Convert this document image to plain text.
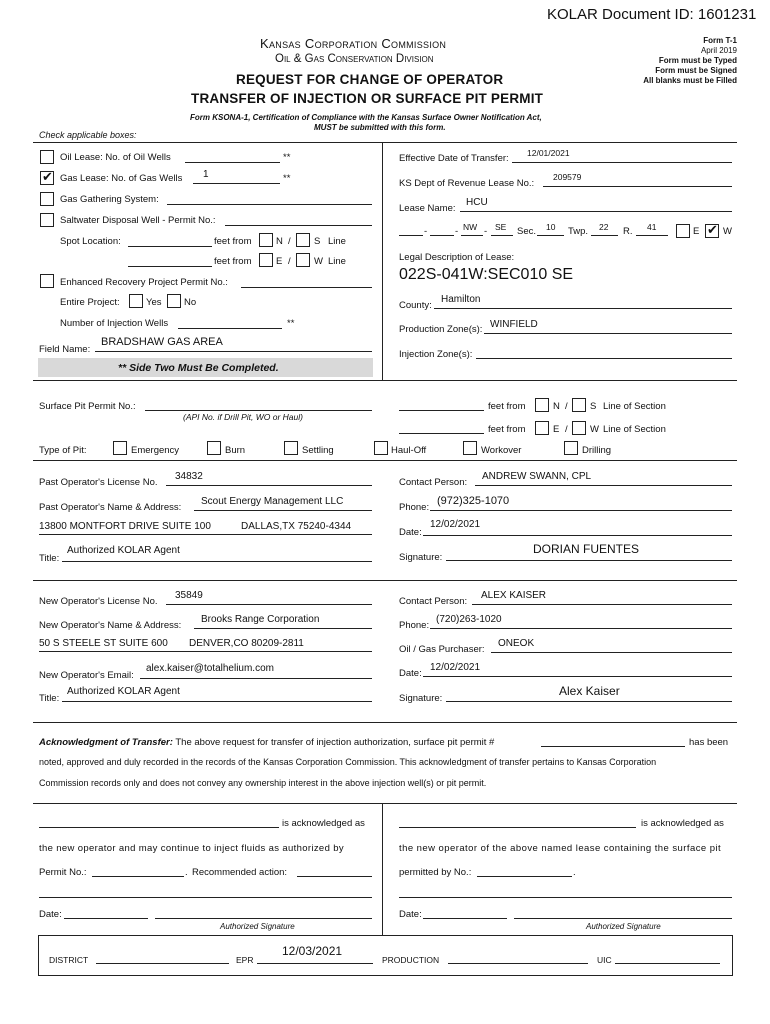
KOLAR Document ID: 1601231
Kansas Corporation Commission
Oil & Gas Conservation Division
REQUEST FOR CHANGE OF OPERATOR
TRANSFER OF INJECTION OR SURFACE PIT PERMIT
Form T-1
April 2019
Form must be Typed
Form must be Signed
All blanks must be Filled
Form KSONA-1, Certification of Compliance with the Kansas Surface Owner Notification Act,
MUST be submitted with this form.
Check applicable boxes:
Oil Lease: No. of Oil Wells	**
✔ Gas Lease: No. of Gas Wells 1	**
Gas Gathering System:
Saltwater Disposal Well - Permit No.:
Spot Location:	feet from	N / S Line
feet from	E / W Line
Enhanced Recovery Project Permit No.:
Entire Project:	Yes No
Number of Injection Wells	**
Field Name:
BRADSHAW GAS AREA
** Side Two Must Be Completed.
Effective Date of Transfer: 12/01/2021
KS Dept of Revenue Lease No.:
209579
Lease Name:
HCU
-	- NW - SE Sec. 10 Twp. 22 R. 41	E ✔ W
Legal Description of Lease:
022S-041W:SEC010 SE
County:
Hamilton
Production Zone(s): WINFIELD
Injection Zone(s):
Surface Pit Permit No.:
(API No. if Drill Pit, WO or Haul)
feet from	N / S Line of Section
feet from	E / W Line of Section
Type of Pit:	Emergency	Burn	Settling	Haul-Off	Workover	Drilling
Past Operator's License No.
34832
Past Operator's Name & Address:
Scout Energy Management LLC
13800 MONTFORT DRIVE SUITE 100	DALLAS,TX 75240-4344
Title:
Authorized KOLAR Agent
Contact Person:
ANDREW SWANN, CPL
Phone:
(972)325-1070
Date:
12/02/2021
Signature:
DORIAN FUENTES
New Operator's License No.
35849
New Operator's Name & Address:
Brooks Range Corporation
50 S STEELE ST SUITE 600 DENVER,CO 80209-2811
New Operator's Email:
alex.kaiser@totalhelium.com
Title:
Authorized KOLAR Agent
Contact Person:
ALEX KAISER
Phone:
(720)263-1020
Oil / Gas Purchaser:
ONEOK
Date:
12/02/2021
Signature:
Alex Kaiser
Acknowledgment of Transfer: The above request for transfer of injection authorization, surface pit permit #	has been
noted, approved and duly recorded in the records of the Kansas Corporation Commission. This acknowledgment of transfer pertains to Kansas Corporation
Commission records only and does not convey any ownership interest in the above injection well(s) or pit permit.
is acknowledged as
the new operator and may continue to inject fluids as authorized by
Permit No.:	. Recommended action:
Date:
Authorized Signature
is acknowledged as
the new operator of the above named lease containing the surface pit
permitted by No.:	.
Date:
Authorized Signature
DISTRICT	EPR
12/03/2021
PRODUCTION	UIC
